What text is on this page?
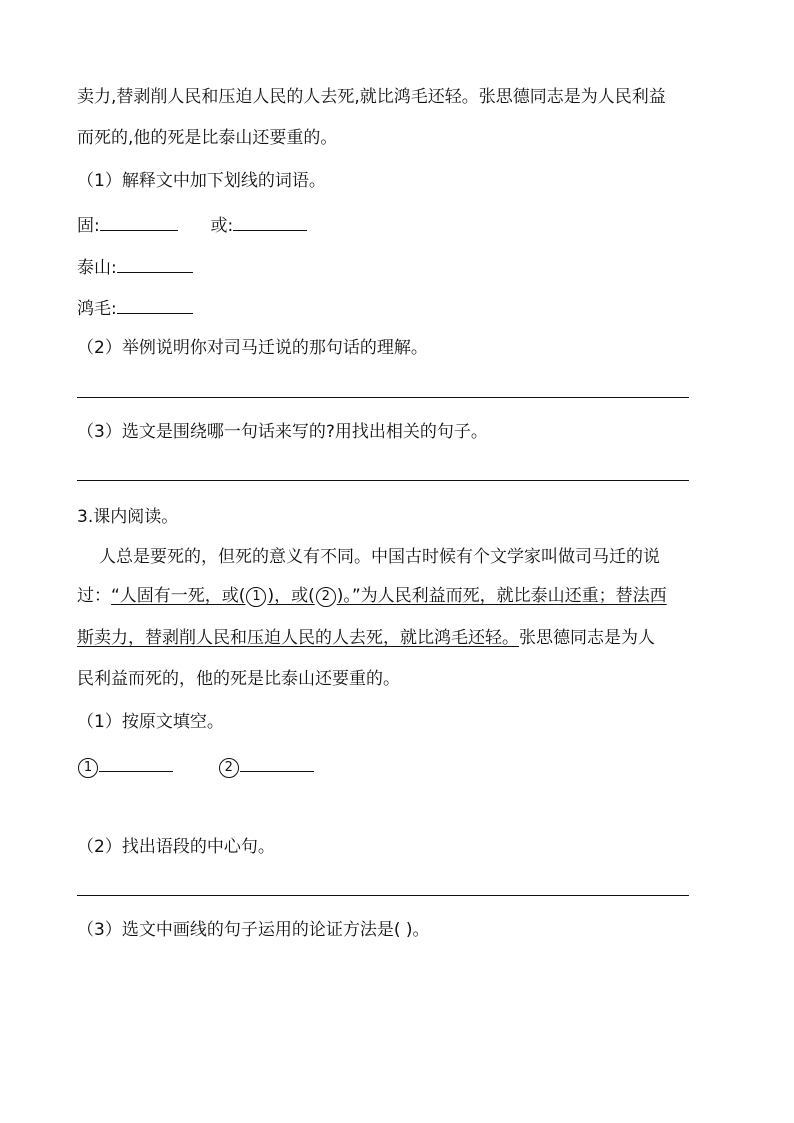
卖力,替剥削人民和压迫人民的人去死,就比鸿毛还轻。张思德同志是为人民利益
而死的,他的死是比泰山还要重的。
（1）解释文中加下划线的词语。
固:	或:
泰山:
鸿毛:
（2）举例说明你对司马迁说的那句话的理解。
（3）选文是围绕哪一句话来写的?用找出相关的句子。
3.课内阅读。
人总是要死的，但死的意义有不同。中国古时候有个文学家叫做司马迁的说
过：“人固有一死，或( 1 )，或( 2 )。”为人民利益而死，就比泰山还重；替法西
斯卖力，替剥削人民和压迫人民的人去死，就比鸿毛还轻。张思德同志是为人
民利益而死的，他的死是比泰山还要重的。
（1）按原文填空。
1	2
（2）找出语段的中心句。
（3）选文中画线的句子运用的论证方法是( )。
